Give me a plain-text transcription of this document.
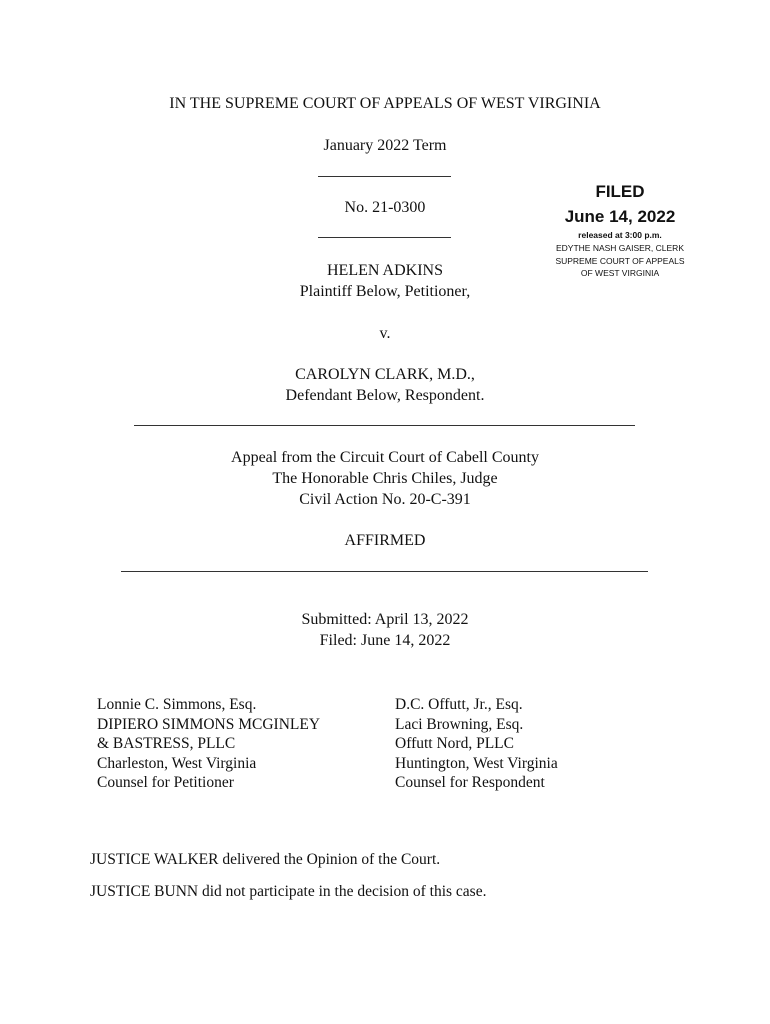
IN THE SUPREME COURT OF APPEALS OF WEST VIRGINIA
January 2022 Term
No. 21-0300
FILED
June 14, 2022
released at 3:00 p.m.
EDYTHE NASH GAISER, CLERK
SUPREME COURT OF APPEALS
OF WEST VIRGINIA
HELEN ADKINS
Plaintiff Below, Petitioner,
v.
CAROLYN CLARK, M.D.,
Defendant Below, Respondent.
Appeal from the Circuit Court of Cabell County
The Honorable Chris Chiles, Judge
Civil Action No. 20-C-391
AFFIRMED
Submitted: April 13, 2022
Filed: June 14, 2022
Lonnie C. Simmons, Esq.
DIPIERO SIMMONS MCGINLEY
& BASTRESS, PLLC
Charleston, West Virginia
Counsel for Petitioner
D.C. Offutt, Jr., Esq.
Laci Browning, Esq.
Offutt Nord, PLLC
Huntington, West Virginia
Counsel for Respondent
JUSTICE WALKER delivered the Opinion of the Court.
JUSTICE BUNN did not participate in the decision of this case.
